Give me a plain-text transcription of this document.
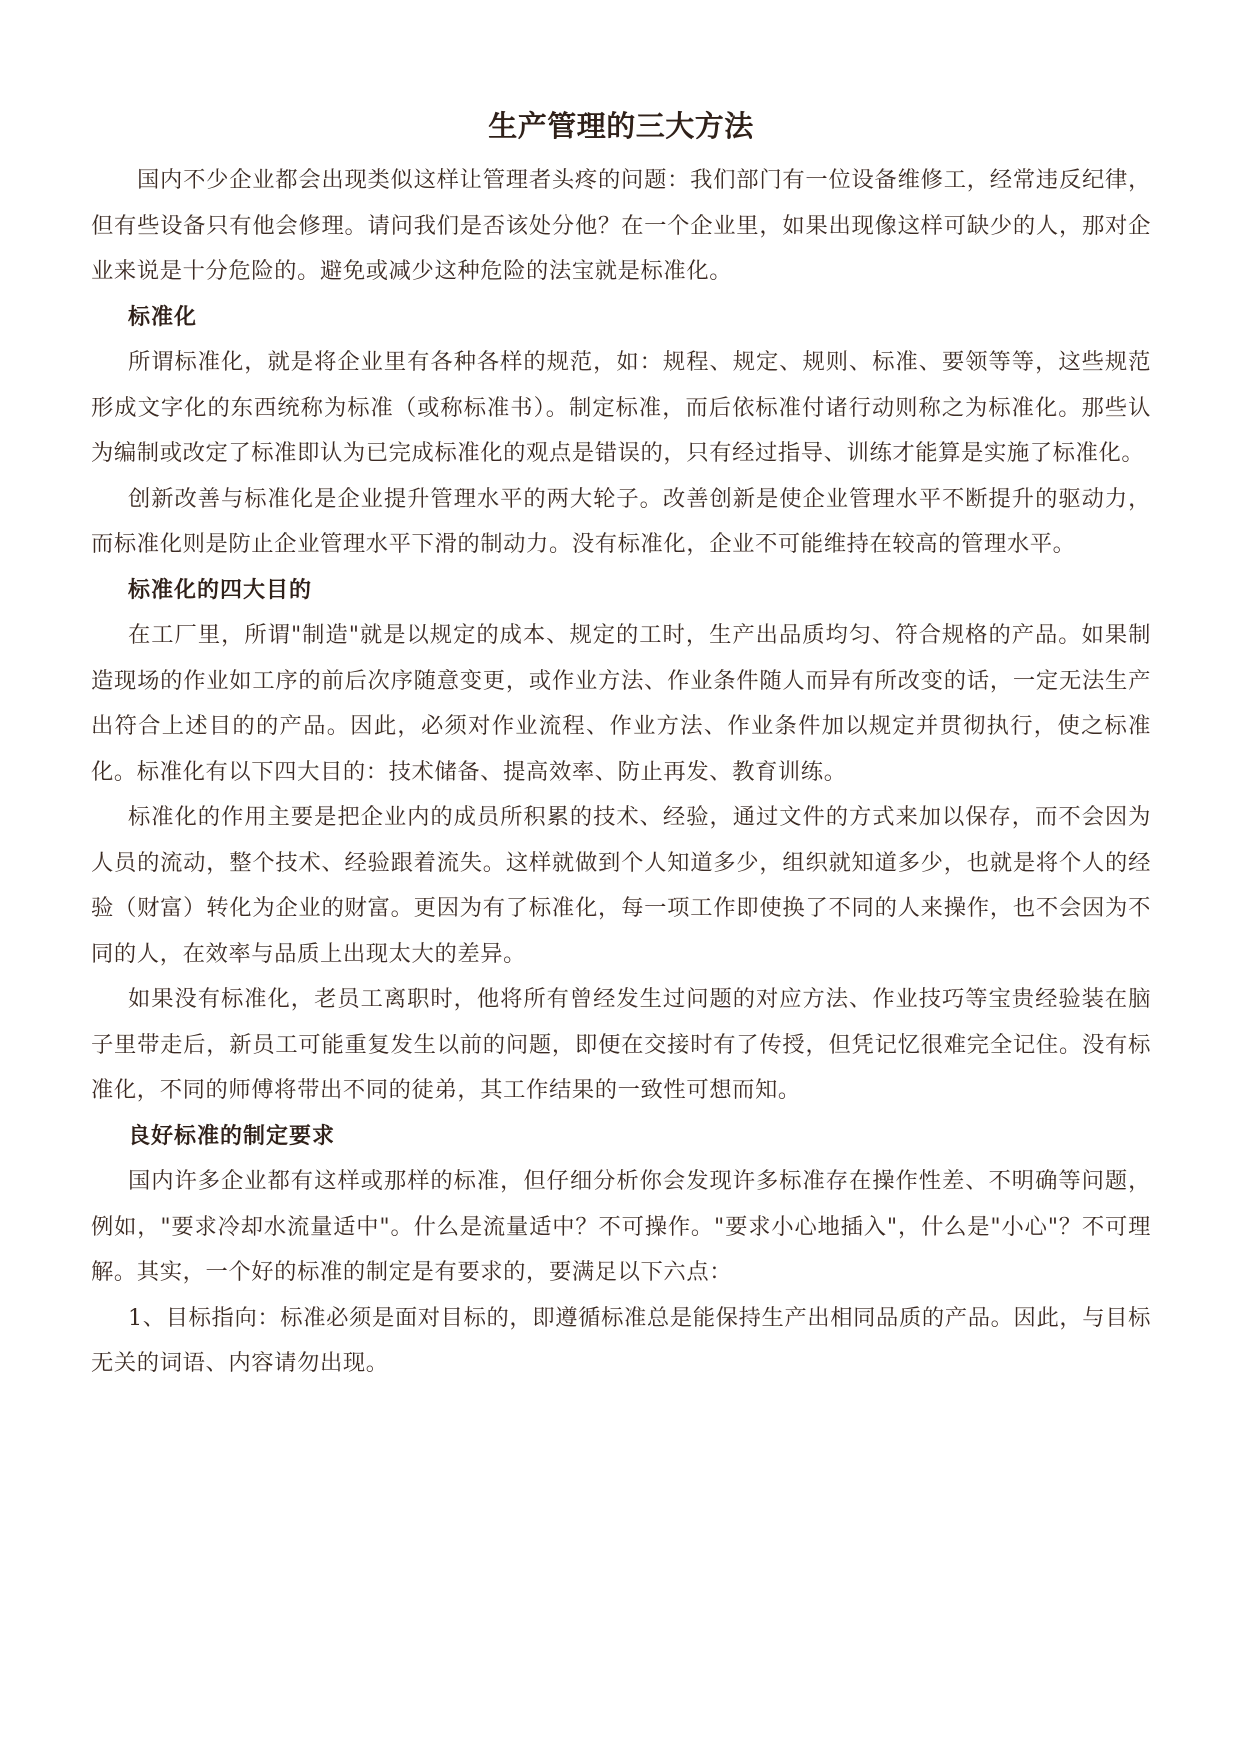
生产管理的三大方法

国内不少企业都会出现类似这样让管理者头疼的问题：我们部门有一位设备维修工，经常违反纪律，但有些设备只有他会修理。请问我们是否该处分他？在一个企业里，如果出现像这样可缺少的人，那对企业来说是十分危险的。避免或减少这种危险的法宝就是标准化。

标准化

所谓标准化，就是将企业里有各种各样的规范，如：规程、规定、规则、标准、要领等等，这些规范形成文字化的东西统称为标准（或称标准书）。制定标准，而后依标准付诸行动则称之为标准化。那些认为编制或改定了标准即认为已完成标准化的观点是错误的，只有经过指导、训练才能算是实施了标准化。

创新改善与标准化是企业提升管理水平的两大轮子。改善创新是使企业管理水平不断提升的驱动力，而标准化则是防止企业管理水平下滑的制动力。没有标准化，企业不可能维持在较高的管理水平。

标准化的四大目的

在工厂里，所谓"制造"就是以规定的成本、规定的工时，生产出品质均匀、符合规格的产品。如果制造现场的作业如工序的前后次序随意变更，或作业方法、作业条件随人而异有所改变的话，一定无法生产出符合上述目的的产品。因此，必须对作业流程、作业方法、作业条件加以规定并贯彻执行，使之标准化。标准化有以下四大目的：技术储备、提高效率、防止再发、教育训练。

标准化的作用主要是把企业内的成员所积累的技术、经验，通过文件的方式来加以保存，而不会因为人员的流动，整个技术、经验跟着流失。这样就做到个人知道多少，组织就知道多少，也就是将个人的经验（财富）转化为企业的财富。更因为有了标准化，每一项工作即使换了不同的人来操作，也不会因为不同的人，在效率与品质上出现太大的差异。

如果没有标准化，老员工离职时，他将所有曾经发生过问题的对应方法、作业技巧等宝贵经验装在脑子里带走后，新员工可能重复发生以前的问题，即便在交接时有了传授，但凭记忆很难完全记住。没有标准化，不同的师傅将带出不同的徒弟，其工作结果的一致性可想而知。

良好标准的制定要求

国内许多企业都有这样或那样的标准，但仔细分析你会发现许多标准存在操作性差、不明确等问题，例如，"要求冷却水流量适中"。什么是流量适中？不可操作。"要求小心地插入"，什么是"小心"？不可理解。其实，一个好的标准的制定是有要求的，要满足以下六点：

1、目标指向：标准必须是面对目标的，即遵循标准总是能保持生产出相同品质的产品。因此，与目标无关的词语、内容请勿出现。
